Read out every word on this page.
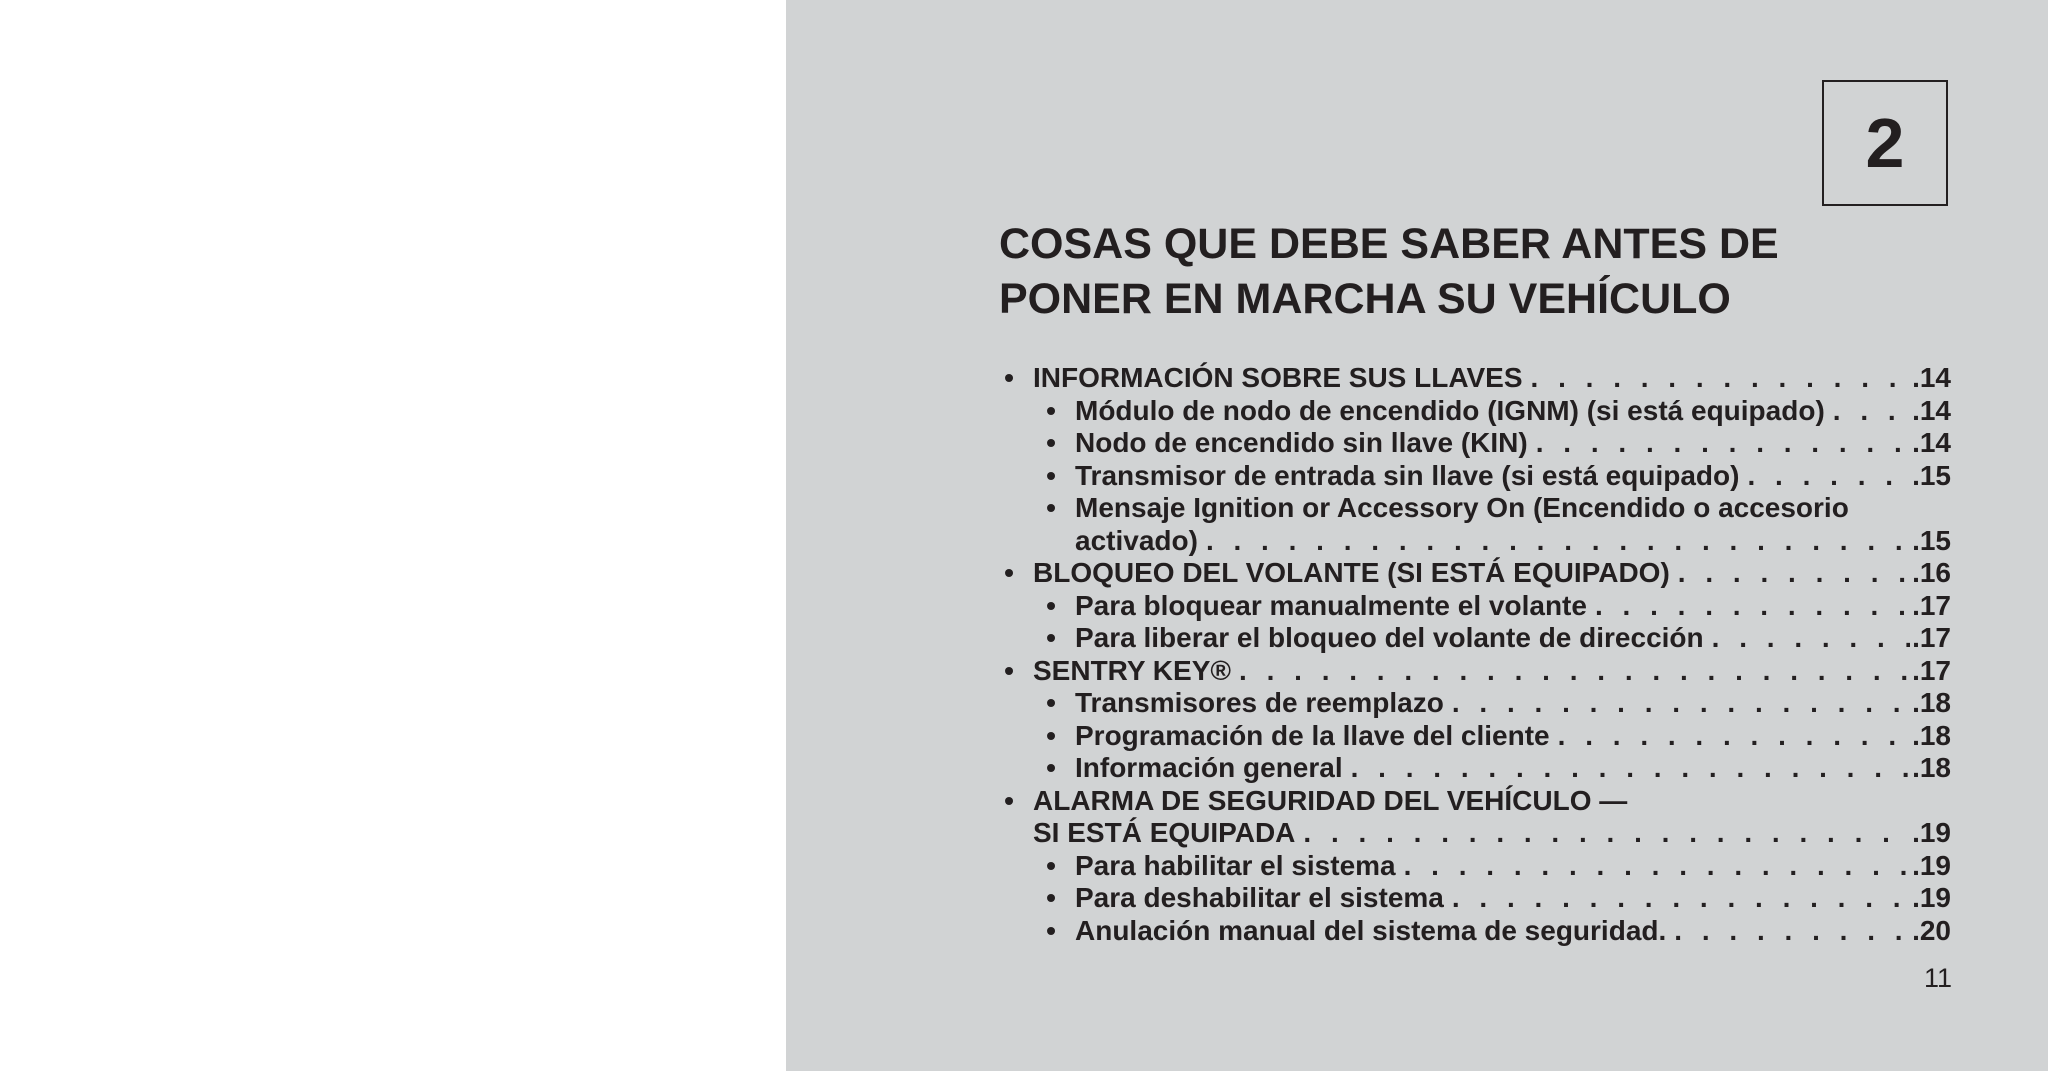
2
COSAS QUE DEBE SABER ANTES DE
PONER EN MARCHA SU VEHÍCULO
• INFORMACIÓN SOBRE SUS LLAVES . . .	.14
• Módulo de nodo de encendido (IGNM) (si está equipado) . . .	.14
• Nodo de encendido sin llave (KIN) . . .	.14
• Transmisor de entrada sin llave (si está equipado) . . .	.15
• Mensaje Ignition or Accessory On (Encendido o accesorio
activado) . . .	.15
• BLOQUEO DEL VOLANTE (SI ESTÁ EQUIPADO) . . .	.16
• Para bloquear manualmente el volante . . .	.17
• Para liberar el bloqueo del volante de dirección . . .	.17
• SENTRY KEY® . . .	.17
• Transmisores de reemplazo . . .	.18
• Programación de la llave del cliente . . .	.18
• Información general . . .	.18
• ALARMA DE SEGURIDAD DEL VEHÍCULO —
SI ESTÁ EQUIPADA . . .	.19
• Para habilitar el sistema . . .	.19
• Para deshabilitar el sistema . . .	.19
• Anulación manual del sistema de seguridad. . . .	.20
11
